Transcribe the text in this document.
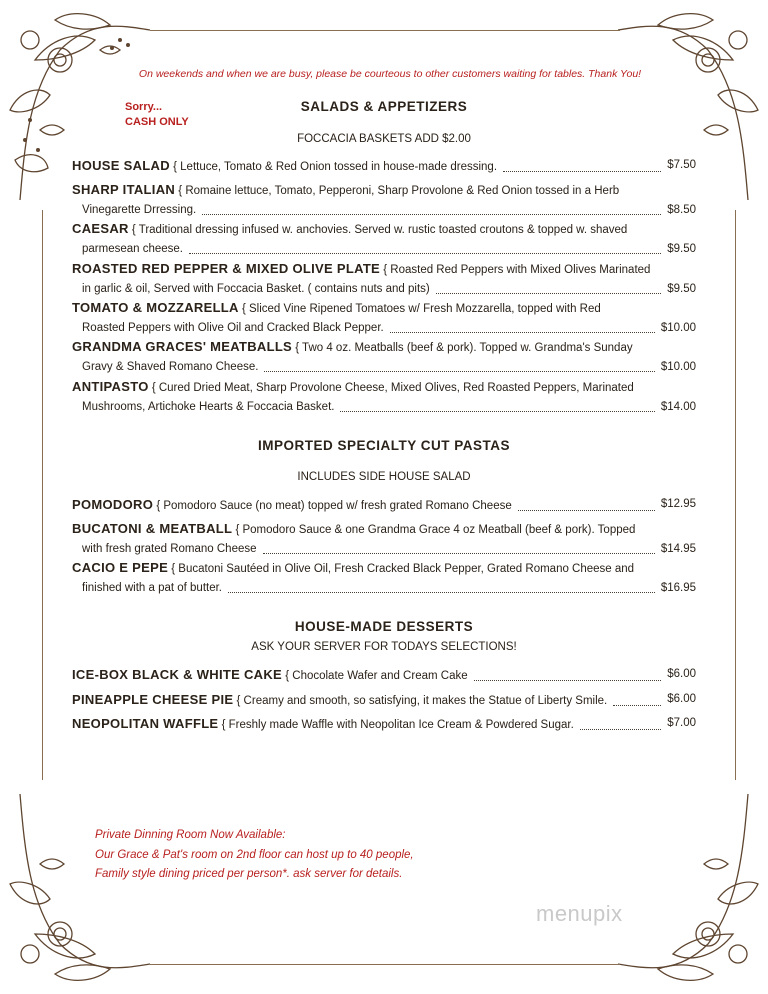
On weekends and when we are busy, please be courteous to other customers waiting for tables. Thank You!
Sorry...
CASH ONLY
SALADS & APPETIZERS
FOCCACIA BASKETS ADD $2.00
HOUSE SALAD { Lettuce, Tomato & Red Onion tossed in house-made dressing.	$7.50
SHARP ITALIAN { Romaine lettuce, Tomato, Pepperoni, Sharp Provolone & Red Onion tossed in a Herb
Vinegarette Drressing.	$8.50
CAESAR { Traditional dressing infused w. anchovies. Served w. rustic toasted croutons & topped w. shaved
parmesean cheese.	$9.50
ROASTED RED PEPPER & MIXED OLIVE PLATE { Roasted Red Peppers with Mixed Olives Marinated
in garlic & oil, Served with Foccacia Basket. ( contains nuts and pits)	$9.50
TOMATO & MOZZARELLA { Sliced Vine Ripened Tomatoes w/ Fresh Mozzarella, topped with Red
Roasted Peppers with Olive Oil and Cracked Black Pepper.	$10.00
GRANDMA GRACES' MEATBALLS { Two 4 oz. Meatballs (beef & pork). Topped w. Grandma's Sunday
Gravy & Shaved Romano Cheese.	$10.00
ANTIPASTO { Cured Dried Meat, Sharp Provolone Cheese, Mixed Olives, Red Roasted Peppers, Marinated
Mushrooms, Artichoke Hearts & Foccacia Basket.	$14.00
IMPORTED SPECIALTY CUT PASTAS
INCLUDES SIDE HOUSE SALAD
POMODORO { Pomodoro Sauce (no meat) topped w/ fresh grated Romano Cheese	$12.95
BUCATONI & MEATBALL { Pomodoro Sauce & one Grandma Grace 4 oz Meatball (beef & pork). Topped
with fresh grated Romano Cheese	$14.95
CACIO E PEPE { Bucatoni Sautéed in Olive Oil, Fresh Cracked Black Pepper, Grated Romano Cheese and
finished with a pat of butter.	$16.95
HOUSE-MADE DESSERTS
ASK YOUR SERVER FOR TODAYS SELECTIONS!
ICE-BOX BLACK & WHITE CAKE { Chocolate Wafer and Cream Cake	$6.00
PINEAPPLE CHEESE PIE { Creamy and smooth, so satisfying, it makes the Statue of Liberty Smile.	$6.00
NEOPOLITAN WAFFLE { Freshly made Waffle with Neopolitan Ice Cream & Powdered Sugar.	$7.00
Private Dinning Room Now Available:
Our Grace & Pat's room on 2nd floor can host up to 40 people,
Family style dining priced per person*. ask server for details.
menupix
